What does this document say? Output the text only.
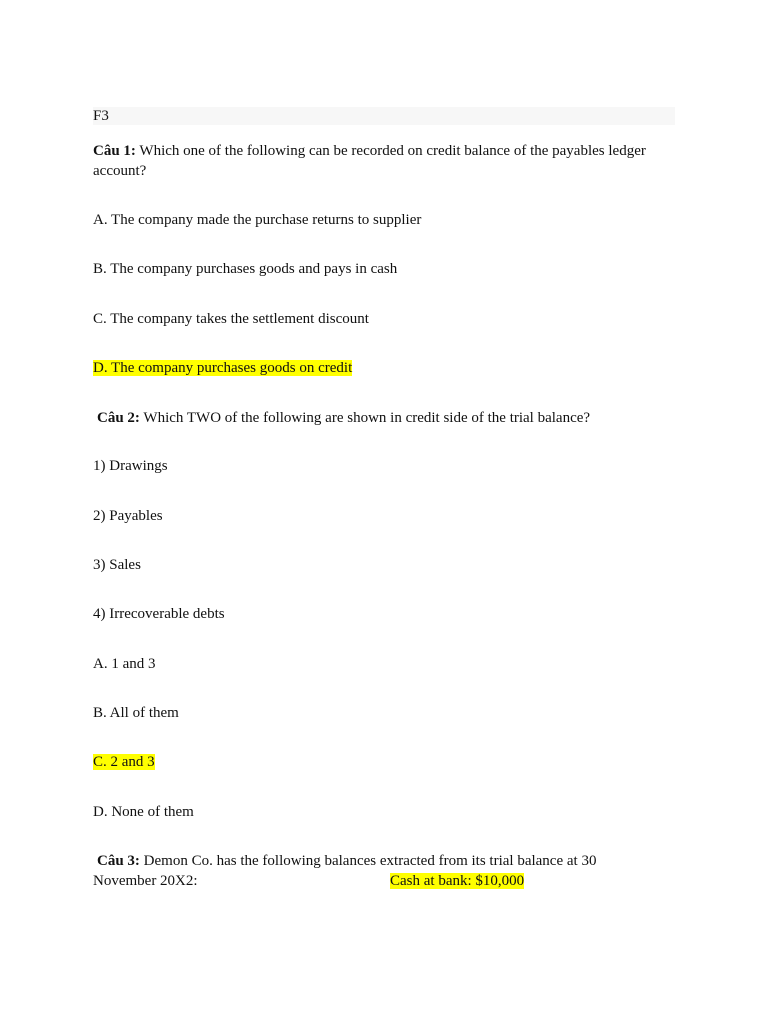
F3
Câu 1: Which one of the following can be recorded on credit balance of the payables ledger account?
A. The company made the purchase returns to supplier
B. The company purchases goods and pays in cash
C. The company takes the settlement discount
D. The company purchases goods on credit
Câu 2: Which TWO of the following are shown in credit side of the trial balance?
1) Drawings
2) Payables
3) Sales
4) Irrecoverable debts
A. 1 and 3
B. All of them
C. 2 and 3
D. None of them
Câu 3: Demon Co. has the following balances extracted from its trial balance at 30
November 20X2:	Cash at bank: $10,000
